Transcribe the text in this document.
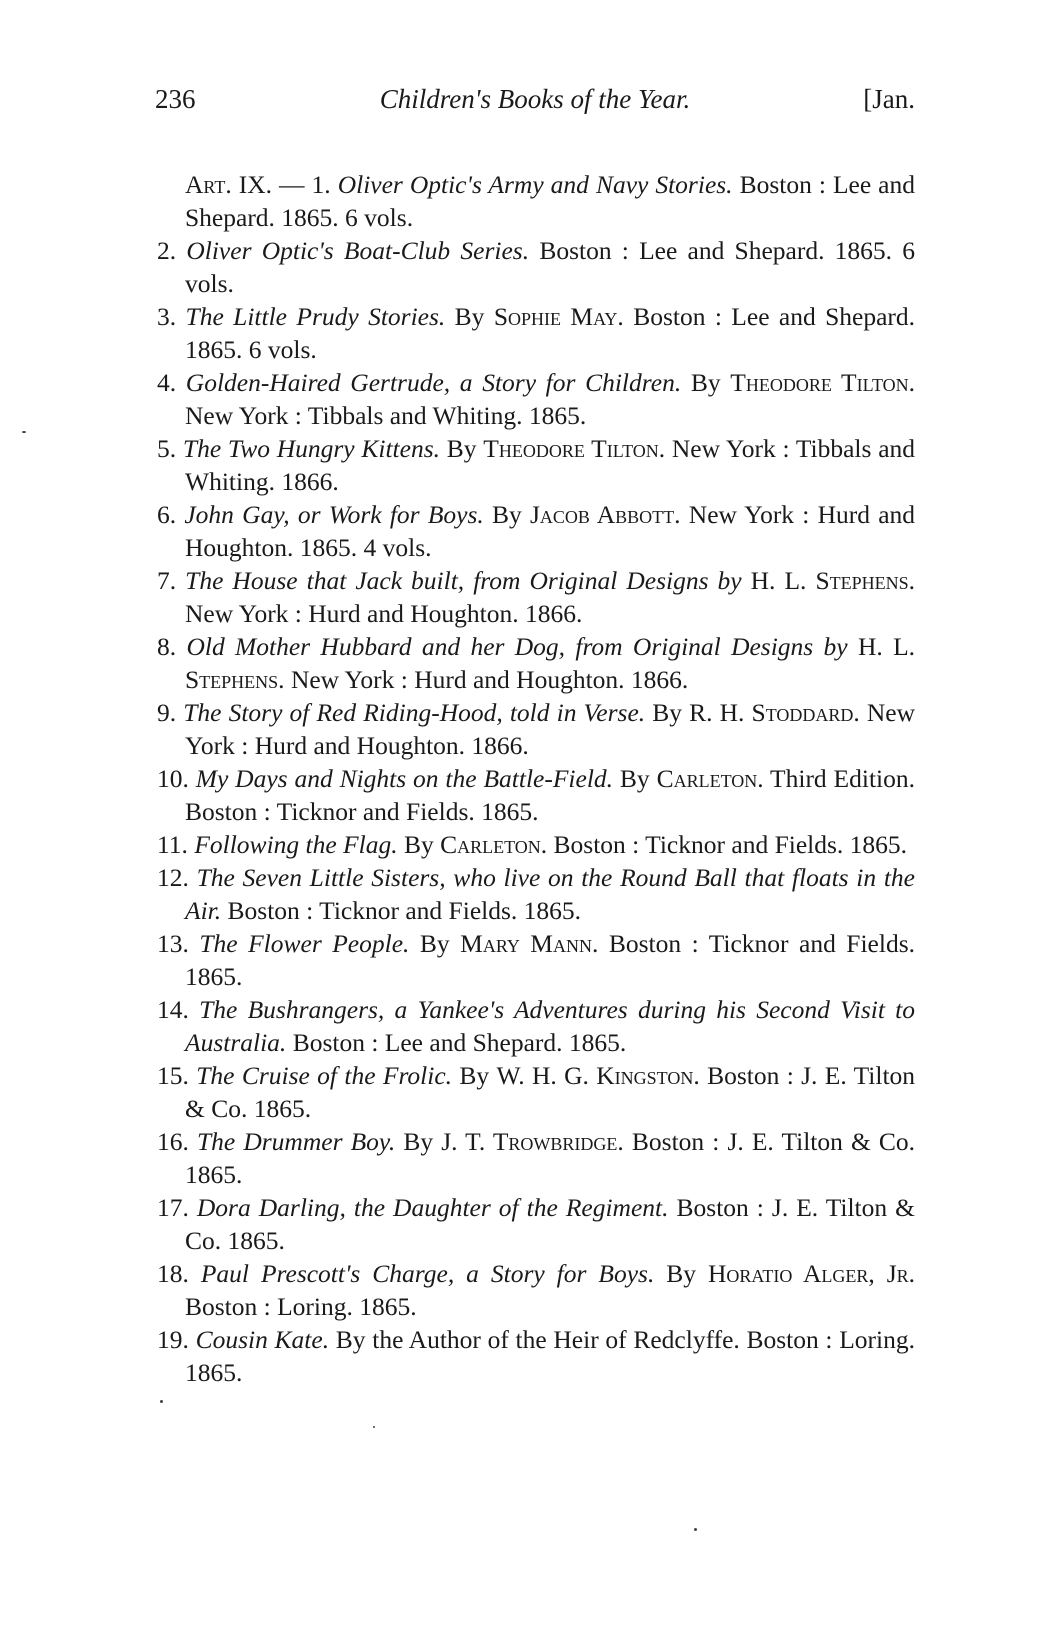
236	Children's Books of the Year.	[Jan.

Art. IX. — 1. Oliver Optic's Army and Navy Stories. Boston : Lee and Shepard. 1865. 6 vols.

2. Oliver Optic's Boat-Club Series. Boston : Lee and Shepard. 1865. 6 vols.

3. The Little Prudy Stories. By Sophie May. Boston : Lee and Shepard. 1865. 6 vols.

4. Golden-Haired Gertrude, a Story for Children. By Theodore Tilton. New York : Tibbals and Whiting. 1865.

5. The Two Hungry Kittens. By Theodore Tilton. New York : Tibbals and Whiting. 1866.

6. John Gay, or Work for Boys. By Jacob Abbott. New York : Hurd and Houghton. 1865. 4 vols.

7. The House that Jack built, from Original Designs by H. L. Stephens. New York : Hurd and Houghton. 1866.

8. Old Mother Hubbard and her Dog, from Original Designs by H. L. Stephens. New York : Hurd and Houghton. 1866.

9. The Story of Red Riding-Hood, told in Verse. By R. H. Stoddard. New York : Hurd and Houghton. 1866.

10. My Days and Nights on the Battle-Field. By Carleton. Third Edition. Boston : Ticknor and Fields. 1865.

11. Following the Flag. By Carleton. Boston : Ticknor and Fields. 1865.

12. The Seven Little Sisters, who live on the Round Ball that floats in the Air. Boston : Ticknor and Fields. 1865.

13. The Flower People. By Mary Mann. Boston : Ticknor and Fields. 1865.

14. The Bushrangers, a Yankee's Adventures during his Second Visit to Australia. Boston : Lee and Shepard. 1865.

15. The Cruise of the Frolic. By W. H. G. Kingston. Boston : J. E. Tilton & Co. 1865.

16. The Drummer Boy. By J. T. Trowbridge. Boston : J. E. Tilton & Co. 1865.

17. Dora Darling, the Daughter of the Regiment. Boston : J. E. Tilton & Co. 1865.

18. Paul Prescott's Charge, a Story for Boys. By Horatio Alger, Jr. Boston : Loring. 1865.

19. Cousin Kate. By the Author of the Heir of Redclyffe. Boston : Loring. 1865.
